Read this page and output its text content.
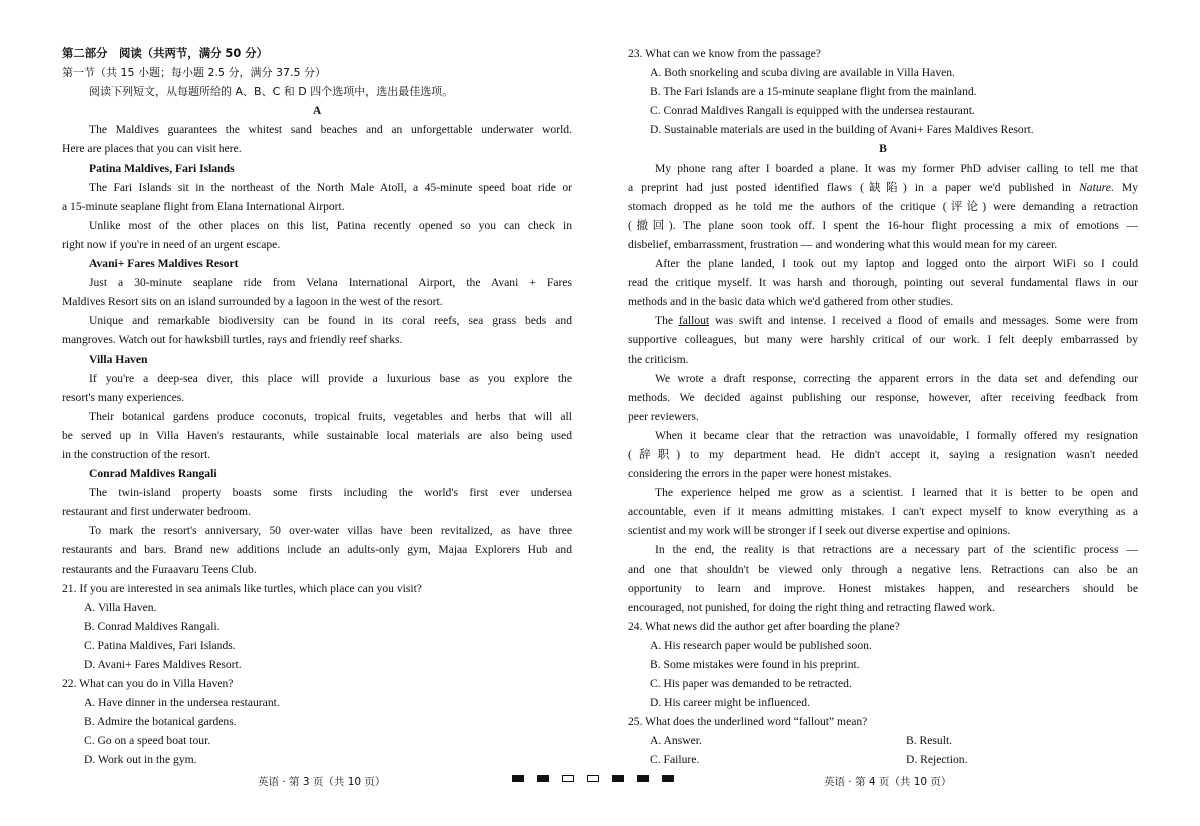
第二部分　阅读（共两节，满分 50 分）
第一节（共 15 小题；每小题 2.5 分，满分 37.5 分）
阅读下列短文，从每题所给的 A、B、C 和 D 四个选项中，选出最佳选项。
A
The Maldives guarantees the whitest sand beaches and an unforgettable underwater world.
Here are places that you can visit here.
Patina Maldives, Fari Islands
The Fari Islands sit in the northeast of the North Male Atoll, a 45-minute speed boat ride or
a 15-minute seaplane flight from Elana International Airport.
Unlike most of the other places on this list, Patina recently opened so you can check in
right now if you're in need of an urgent escape.
Avani+ Fares Maldives Resort
Just a 30-minute seaplane ride from Velana International Airport, the Avani + Fares
Maldives Resort sits on an island surrounded by a lagoon in the west of the resort.
Unique and remarkable biodiversity can be found in its coral reefs, sea grass beds and
mangroves. Watch out for hawksbill turtles, rays and friendly reef sharks.
Villa Haven
If you're a deep-sea diver, this place will provide a luxurious base as you explore the
resort's many experiences.
Their botanical gardens produce coconuts, tropical fruits, vegetables and herbs that will all
be served up in Villa Haven's restaurants, while sustainable local materials are also being used
in the construction of the resort.
Conrad Maldives Rangali
The twin-island property boasts some firsts including the world's first ever undersea
restaurant and first underwater bedroom.
To mark the resort's anniversary, 50 over-water villas have been revitalized, as have three
restaurants and bars. Brand new additions include an adults-only gym, Majaa Explorers Hub and
restaurants and the Furaavaru Teens Club.
21. If you are interested in sea animals like turtles, which place can you visit?
A. Villa Haven.
B. Conrad Maldives Rangali.
C. Patina Maldives, Fari Islands.
D. Avani+ Fares Maldives Resort.
22. What can you do in Villa Haven?
A. Have dinner in the undersea restaurant.
B. Admire the botanical gardens.
C. Go on a speed boat tour.
D. Work out in the gym.
23. What can we know from the passage?
A. Both snorkeling and scuba diving are available in Villa Haven.
B. The Fari Islands are a 15-minute seaplane flight from the mainland.
C. Conrad Maldives Rangali is equipped with the undersea restaurant.
D. Sustainable materials are used in the building of Avani+ Fares Maldives Resort.
B
My phone rang after I boarded a plane. It was my former PhD adviser calling to tell me that
a preprint had just posted identified flaws (缺陷) in a paper we'd published in Nature. My
stomach dropped as he told me the authors of the critique (评论) were demanding a retraction
(撤回). The plane soon took off. I spent the 16-hour flight processing a mix of emotions —
disbelief, embarrassment, frustration — and wondering what this would mean for my career.
After the plane landed, I took out my laptop and logged onto the airport WiFi so I could
read the critique myself. It was harsh and thorough, pointing out several fundamental flaws in our
methods and in the basic data which we'd gathered from other studies.
The fallout was swift and intense. I received a flood of emails and messages. Some were from
supportive colleagues, but many were harshly critical of our work. I felt deeply embarrassed by
the criticism.
We wrote a draft response, correcting the apparent errors in the data set and defending our
methods. We decided against publishing our response, however, after receiving feedback from
peer reviewers.
When it became clear that the retraction was unavoidable, I formally offered my resignation
(辞职) to my department head. He didn't accept it, saying a resignation wasn't needed
considering the errors in the paper were honest mistakes.
The experience helped me grow as a scientist. I learned that it is better to be open and
accountable, even if it means admitting mistakes. I can't expect myself to know everything as a
scientist and my work will be stronger if I seek out diverse expertise and opinions.
In the end, the reality is that retractions are a necessary part of the scientific process —
and one that shouldn't be viewed only through a negative lens. Retractions can also be an
opportunity to learn and improve. Honest mistakes happen, and researchers should be
encouraged, not punished, for doing the right thing and retracting flawed work.
24. What news did the author get after boarding the plane?
A. His research paper would be published soon.
B. Some mistakes were found in his preprint.
C. His paper was demanded to be retracted.
D. His career might be influenced.
25. What does the underlined word “fallout” mean?
A. Answer.	B. Result.
C. Failure.	D. Rejection.
英语 · 第 3 页（共 10 页）	英语 · 第 4 页（共 10 页）
